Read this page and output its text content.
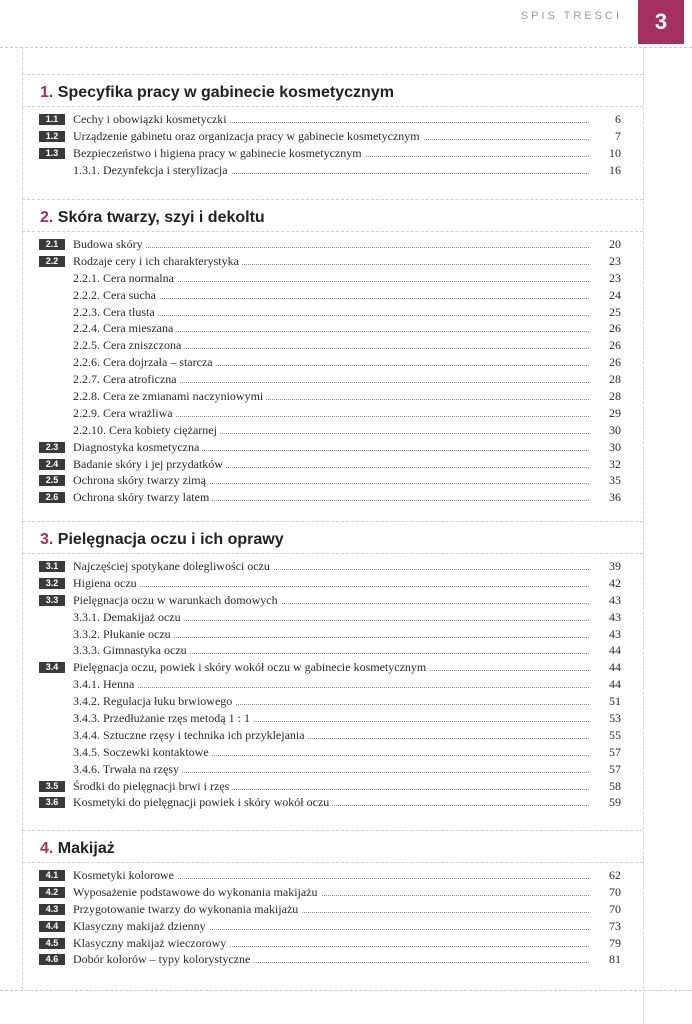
SPIS TREŚCI	3
1. Specyfika pracy w gabinecie kosmetycznym
1.1	Cechy i obowiązki kosmetyczki	6
1.2	Urządzenie gabinetu oraz organizacja pracy w gabinecie kosmetycznym	7
1.3	Bezpieczeństwo i higiena pracy w gabinecie kosmetycznym	10
1.3.1. Dezynfekcja i sterylizacja	16
2. Skóra twarzy, szyi i dekoltu
2.1	Budowa skóry	20
2.2	Rodzaje cery i ich charakterystyka	23
2.2.1. Cera normalna	23
2.2.2. Cera sucha	24
2.2.3. Cera tłusta	25
2.2.4. Cera mieszana	26
2.2.5. Cera zniszczona	26
2.2.6. Cera dojrzała – starcza	26
2.2.7. Cera atroficzna	28
2.2.8. Cera ze zmianami naczyniowymi	28
2.2.9. Cera wrażliwa	29
2.2.10. Cera kobiety ciężarnej	30
2.3	Diagnostyka kosmetyczna	30
2.4	Badanie skóry i jej przydatków	32
2.5	Ochrona skóry twarzy zimą	35
2.6	Ochrona skóry twarzy latem	36
3. Pielęgnacja oczu i ich oprawy
3.1	Najczęściej spotykane dolegliwości oczu	39
3.2	Higiena oczu	42
3.3	Pielęgnacja oczu w warunkach domowych	43
3.3.1. Demakijaż oczu	43
3.3.2. Płukanie oczu	43
3.3.3. Gimnastyka oczu	44
3.4	Pielęgnacja oczu, powiek i skóry wokół oczu w gabinecie kosmetycznym	44
3.4.1. Henna	44
3.4.2. Regulacja łuku brwiowego	51
3.4.3. Przedłużanie rzęs metodą 1 : 1	53
3.4.4. Sztuczne rzęsy i technika ich przyklejania	55
3.4.5. Soczewki kontaktowe	57
3.4.6. Trwała na rzęsy	57
3.5	Środki do pielęgnacji brwi i rzęs	58
3.6	Kosmetyki do pielęgnacji powiek i skóry wokół oczu	59
4. Makijaż
4.1	Kosmetyki kolorowe	62
4.2	Wyposażenie podstawowe do wykonania makijażu	70
4.3	Przygotowanie twarzy do wykonania makijażu	70
4.4	Klasyczny makijaż dzienny	73
4.5	Klasyczny makijaż wieczorowy	79
4.6	Dobór kolorów – typy kolorystyczne	81
